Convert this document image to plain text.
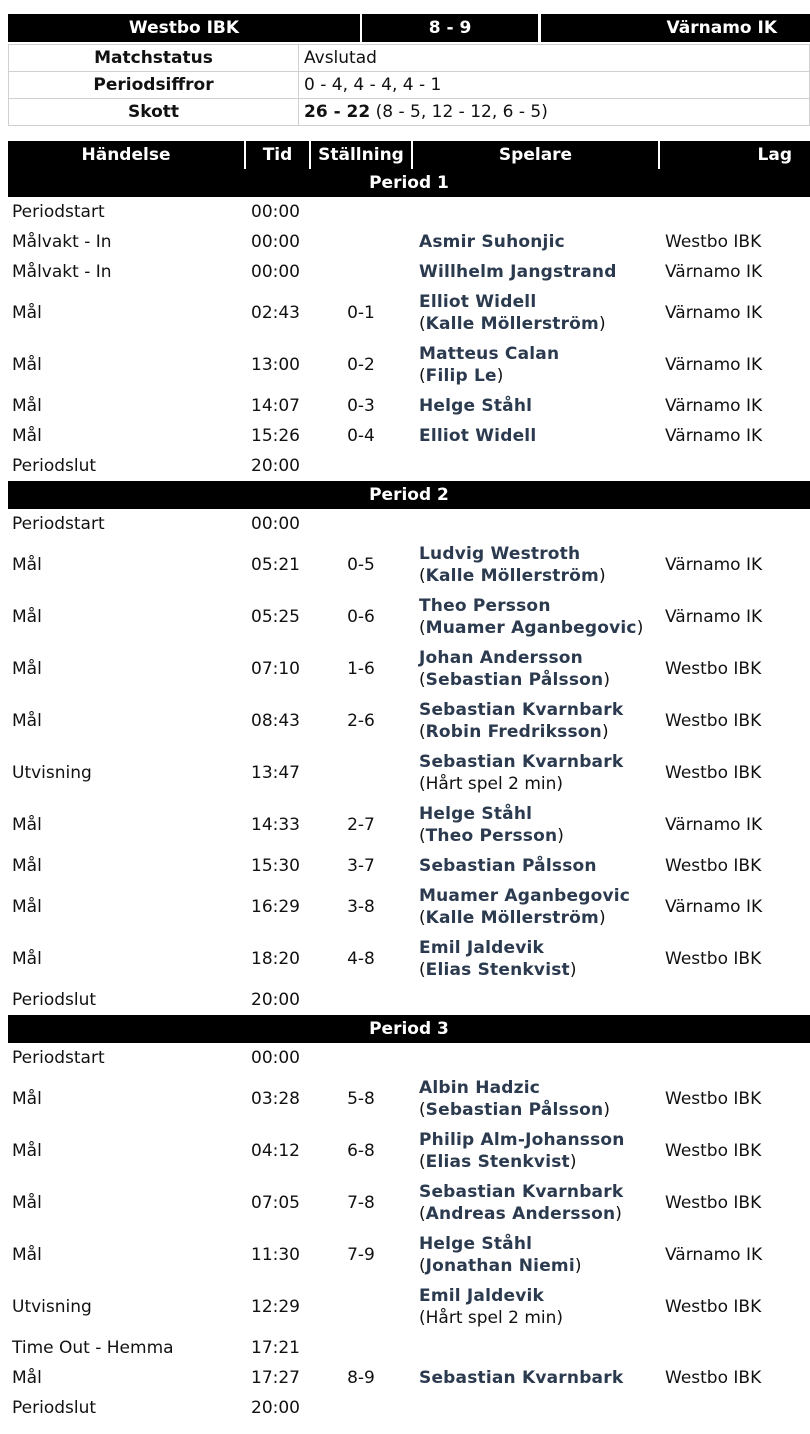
Westbo IBK	8 - 9	Värnamo IK
Matchstatus	Avslutad
Periodsiffror	0 - 4, 4 - 4, 4 - 1
Skott	26 - 22 (8 - 5, 12 - 12, 6 - 5)
Händelse	Tid	Ställning	Spelare	Lag
Period 1				
Periodstart	00:00			
Målvakt - In	00:00		Asmir Suhonjic	Westbo IBK
Målvakt - In	00:00		Willhelm Jangstrand	Värnamo IK
Mål	02:43	0-1	Elliot Widell
(Kalle Möllerström)	Värnamo IK
Mål	13:00	0-2	Matteus Calan
(Filip Le)	Värnamo IK
Mål	14:07	0-3	Helge Ståhl	Värnamo IK
Mål	15:26	0-4	Elliot Widell	Värnamo IK
Periodslut	20:00			
Period 2				
Periodstart	00:00			
Mål	05:21	0-5	Ludvig Westroth
(Kalle Möllerström)	Värnamo IK
Mål	05:25	0-6	Theo Persson
(Muamer Aganbegovic)	Värnamo IK
Mål	07:10	1-6	Johan Andersson
(Sebastian Pålsson)	Westbo IBK
Mål	08:43	2-6	Sebastian Kvarnbark
(Robin Fredriksson)	Westbo IBK
Utvisning	13:47		Sebastian Kvarnbark
(Hårt spel 2 min)	Westbo IBK
Mål	14:33	2-7	Helge Ståhl
(Theo Persson)	Värnamo IK
Mål	15:30	3-7	Sebastian Pålsson	Westbo IBK
Mål	16:29	3-8	Muamer Aganbegovic
(Kalle Möllerström)	Värnamo IK
Mål	18:20	4-8	Emil Jaldevik
(Elias Stenkvist)	Westbo IBK
Periodslut	20:00			
Period 3				
Periodstart	00:00			
Mål	03:28	5-8	Albin Hadzic
(Sebastian Pålsson)	Westbo IBK
Mål	04:12	6-8	Philip Alm-Johansson
(Elias Stenkvist)	Westbo IBK
Mål	07:05	7-8	Sebastian Kvarnbark
(Andreas Andersson)	Westbo IBK
Mål	11:30	7-9	Helge Ståhl
(Jonathan Niemi)	Värnamo IK
Utvisning	12:29		Emil Jaldevik
(Hårt spel 2 min)	Westbo IBK
Time Out - Hemma	17:21			
Mål	17:27	8-9	Sebastian Kvarnbark	Westbo IBK
Periodslut	20:00			
